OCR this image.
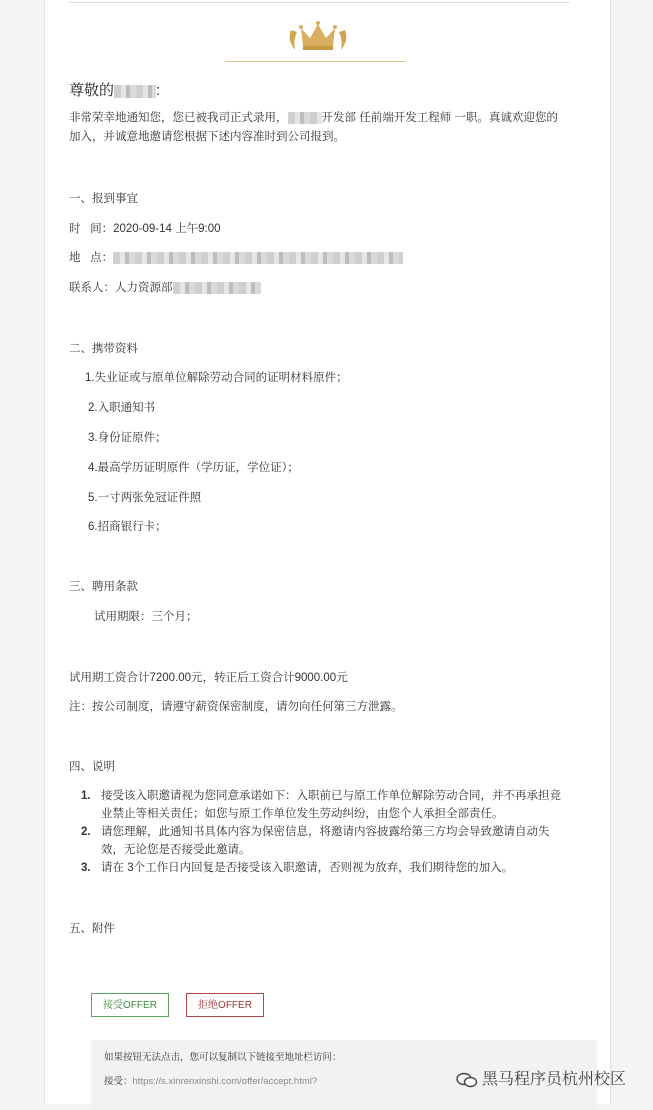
尊敬的	:
非常荣幸地通知您，您已被我司正式录用，	开发部 任前端开发工程师 一职。真诚欢迎您的
加入，并诚意地邀请您根据下述内容准时到公司报到。
一、报到事宜
时   间：2020-09-14 上午9:00
地   点：
联系人：人力资源部
二、携带资料
1.失业证或与原单位解除劳动合同的证明材料原件；
2.入职通知书
3.身份证原件；
4.最高学历证明原件（学历证，学位证）；
5.一寸两张免冠证件照
6.招商银行卡；
三、聘用条款
试用期限：三个月；
试用期工资合计7200.00元，转正后工资合计9000.00元
注：按公司制度，请遵守薪资保密制度，请勿向任何第三方泄露。
四、说明
1. 接受该入职邀请视为您同意承诺如下：入职前已与原工作单位解除劳动合同，并不再承担竞
业禁止等相关责任；如您与原工作单位发生劳动纠纷，由您个人承担全部责任。
2. 请您理解，此通知书具体内容为保密信息，将邀请内容披露给第三方均会导致邀请自动失
效，无论您是否接受此邀请。
3. 请在 3个工作日内回复是否接受该入职邀请，否则视为放弃，我们期待您的加入。
五、附件
接受OFFER	拒绝OFFER
如果按钮无法点击，您可以复制以下链接至地址栏访问：
接受：https://s.xinrenxinshi.com/offer/accept.html?	黑马程序员杭州校区
